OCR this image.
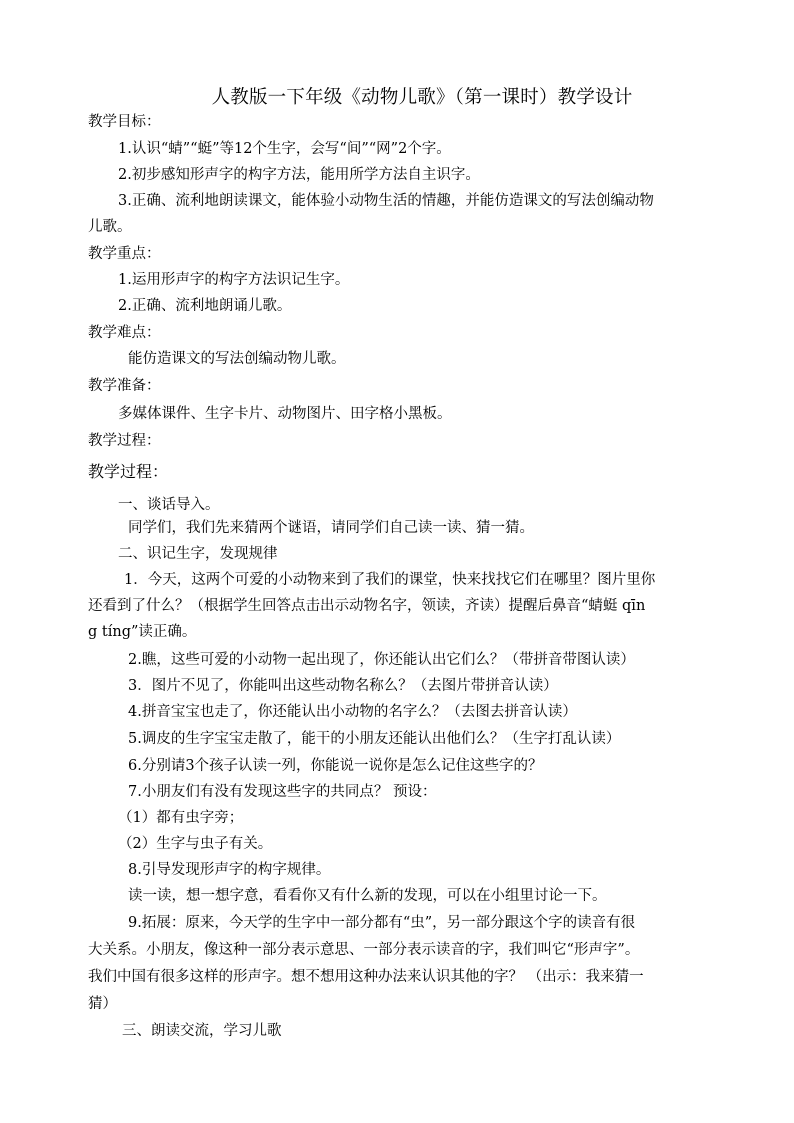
人教版一下年级《动物儿歌》（第一课时）教学设计
教学目标：
1.认识“蜻”“蜓”等12个生字，会写“间”“网”2个字。
2.初步感知形声字的构字方法，能用所学方法自主识字。
3.正确、流利地朗读课文，能体验小动物生活的情趣，并能仿造课文的写法创编动物
儿歌。
教学重点：
1.运用形声字的构字方法识记生字。
2.正确、流利地朗诵儿歌。
教学难点：
能仿造课文的写法创编动物儿歌。
教学准备：
多媒体课件、生字卡片、动物图片、田字格小黑板。
教学过程：
教学过程：
一、谈话导入。
同学们，我们先来猜两个谜语，请同学们自己读一读、猜一猜。
二、识记生字，发现规律
1．今天，这两个可爱的小动物来到了我们的课堂，快来找找它们在哪里？图片里你
还看到了什么？（根据学生回答点击出示动物名字，领读，齐读）提醒后鼻音“蜻蜓 qīn
g tíng”读正确。
2.瞧，这些可爱的小动物一起出现了，你还能认出它们么？（带拼音带图认读）
3．图片不见了，你能叫出这些动物名称么？（去图片带拼音认读）
4.拼音宝宝也走了，你还能认出小动物的名字么？（去图去拼音认读）
5.调皮的生字宝宝走散了，能干的小朋友还能认出他们么？（生字打乱认读）
6.分别请3个孩子认读一列，你能说一说你是怎么记住这些字的？
7.小朋友们有没有发现这些字的共同点？ 预设：
（1）都有虫字旁；
（2）生字与虫子有关。
8.引导发现形声字的构字规律。
读一读，想一想字意，看看你又有什么新的发现，可以在小组里讨论一下。
9.拓展：原来，今天学的生字中一部分都有“虫”，另一部分跟这个字的读音有很
大关系。小朋友，像这种一部分表示意思、一部分表示读音的字，我们叫它“形声字”。
我们中国有很多这样的形声字。想不想用这种办法来认识其他的字？ （出示：我来猜一
猜）
三、朗读交流，学习儿歌
